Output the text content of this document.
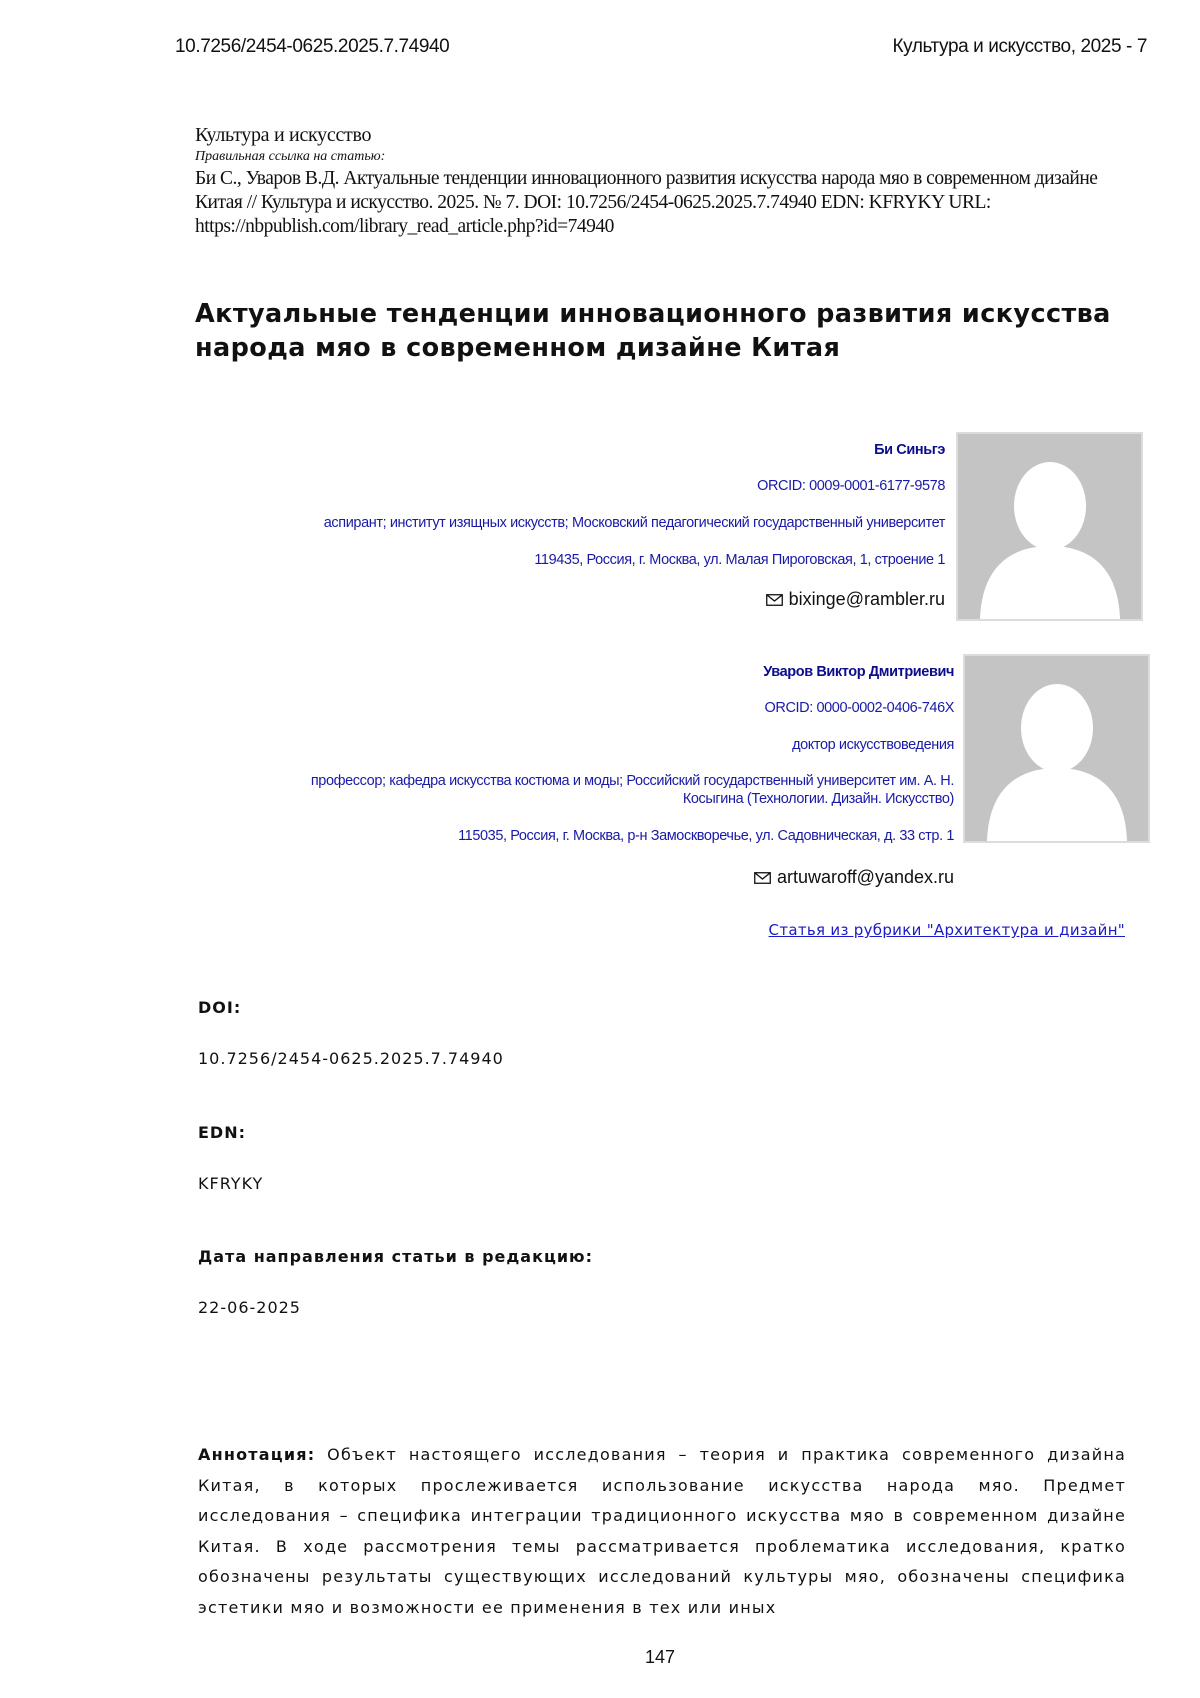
10.7256/2454-0625.2025.7.74940	Культура и искусство, 2025 - 7
Культура и искусство
Правильная ссылка на статью:
Би С., Уваров В.Д. Актуальные тенденции инновационного развития искусства народа мяо в современном дизайне Китая // Культура и искусство. 2025. № 7. DOI: 10.7256/2454-0625.2025.7.74940 EDN: KFRYKY URL: https://nbpublish.com/library_read_article.php?id=74940
Актуальные тенденции инновационного развития искусства народа мяо в современном дизайне Китая
Би Синьгэ
ORCID: 0009-0001-6177-9578
аспирант; институт изящных искусств; Московский педагогический государственный университет
119435, Россия, г. Москва, ул. Малая Пироговская, 1, строение 1
bixinge@rambler.ru
Уваров Виктор Дмитриевич
ORCID: 0000-0002-0406-746X
доктор искусствоведения
профессор; кафедра искусства костюма и моды; Российский государственный университет им. А. Н.
Косыгина (Технологии. Дизайн. Искусство)
115035, Россия, г. Москва, р-н Замоскворечье, ул. Садовническая, д. 33 стр. 1
artuwaroff@yandex.ru
Статья из рубрики "Архитектура и дизайн"
DOI:
10.7256/2454-0625.2025.7.74940
EDN:
KFRYKY
Дата направления статьи в редакцию:
22-06-2025
Аннотация: Объект настоящего исследования – теория и практика современного дизайна Китая, в которых прослеживается использование искусства народа мяо. Предмет исследования – специфика интеграции традиционного искусства мяо в современном дизайне Китая. В ходе рассмотрения темы рассматривается проблематика исследования, кратко обозначены результаты существующих исследований культуры мяо, обозначены специфика эстетики мяо и возможности ее применения в тех или иных
147
